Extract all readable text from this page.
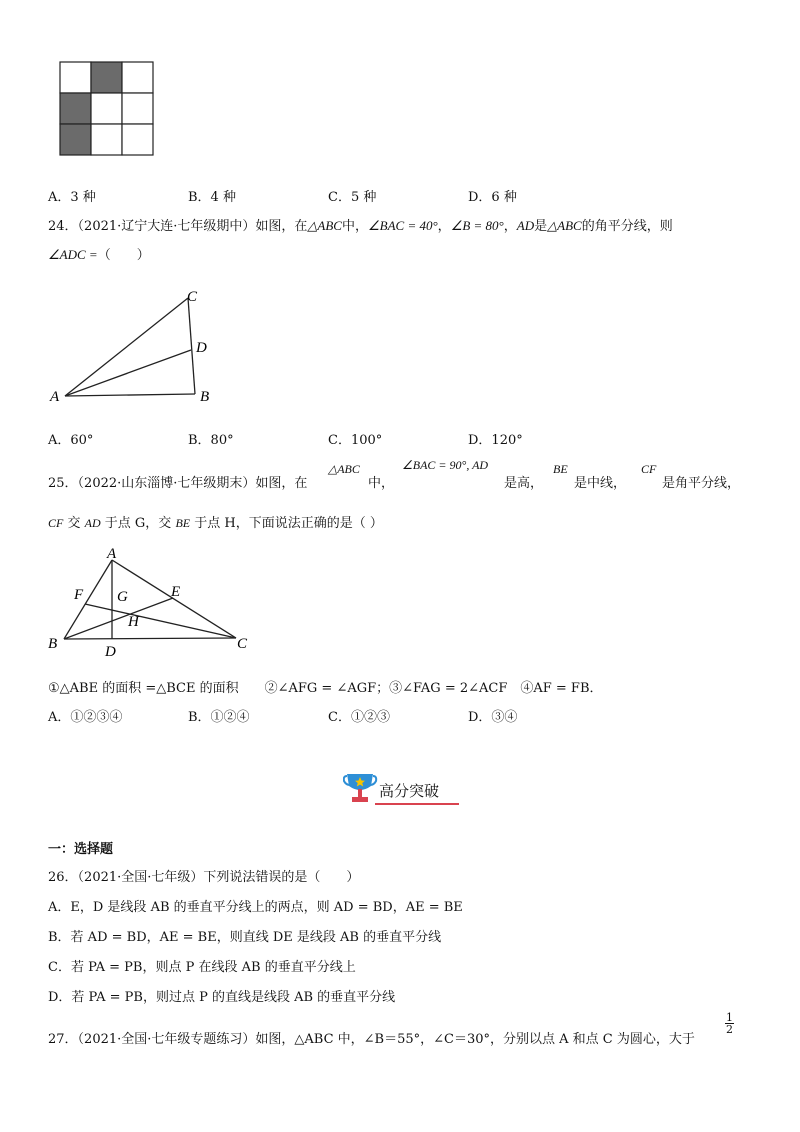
A．3 种	B．4 种	C．5 种	D．6 种
24．（2021·辽宁大连·七年级期中）如图，在△ABC中，∠BAC = 40°，∠B = 80°，AD是△ABC的角平分线，则
∠ADC =（　　）
C
D
A	B
A．60°	B．80°	C．100°	D．120°
25．（2022·山东淄博·七年级期末）如图，在
△ABC
中，
∠BAC = 90°, AD
是高，
BE
是中线，
CF
是角平分线，
CF 交 AD 于点 G，交 BE 于点 H，下面说法正确的是（ ）
A
F G	E
H
B	D	C
①△ABE 的面积 =△BCE 的面积　　②∠AFG = ∠AGF；③∠FAG = 2∠ACF　④AF = FB．
A．①②③④	B．①②④	C．①②③	D．③④
高分突破
一：选择题
26．（2021·全国·七年级）下列说法错误的是（　　）
A．E，D 是线段 AB 的垂直平分线上的两点，则 AD = BD，AE = BE
B．若 AD = BD，AE = BE，则直线 DE 是线段 AB 的垂直平分线
C．若 PA = PB，则点 P 在线段 AB 的垂直平分线上
D．若 PA = PB，则过点 P 的直线是线段 AB 的垂直平分线
27．（2021·全国·七年级专题练习）如图，△ABC 中，∠B＝55°，∠C＝30°，分别以点 A 和点 C 为圆心，大于
$\frac{1}{2}$
